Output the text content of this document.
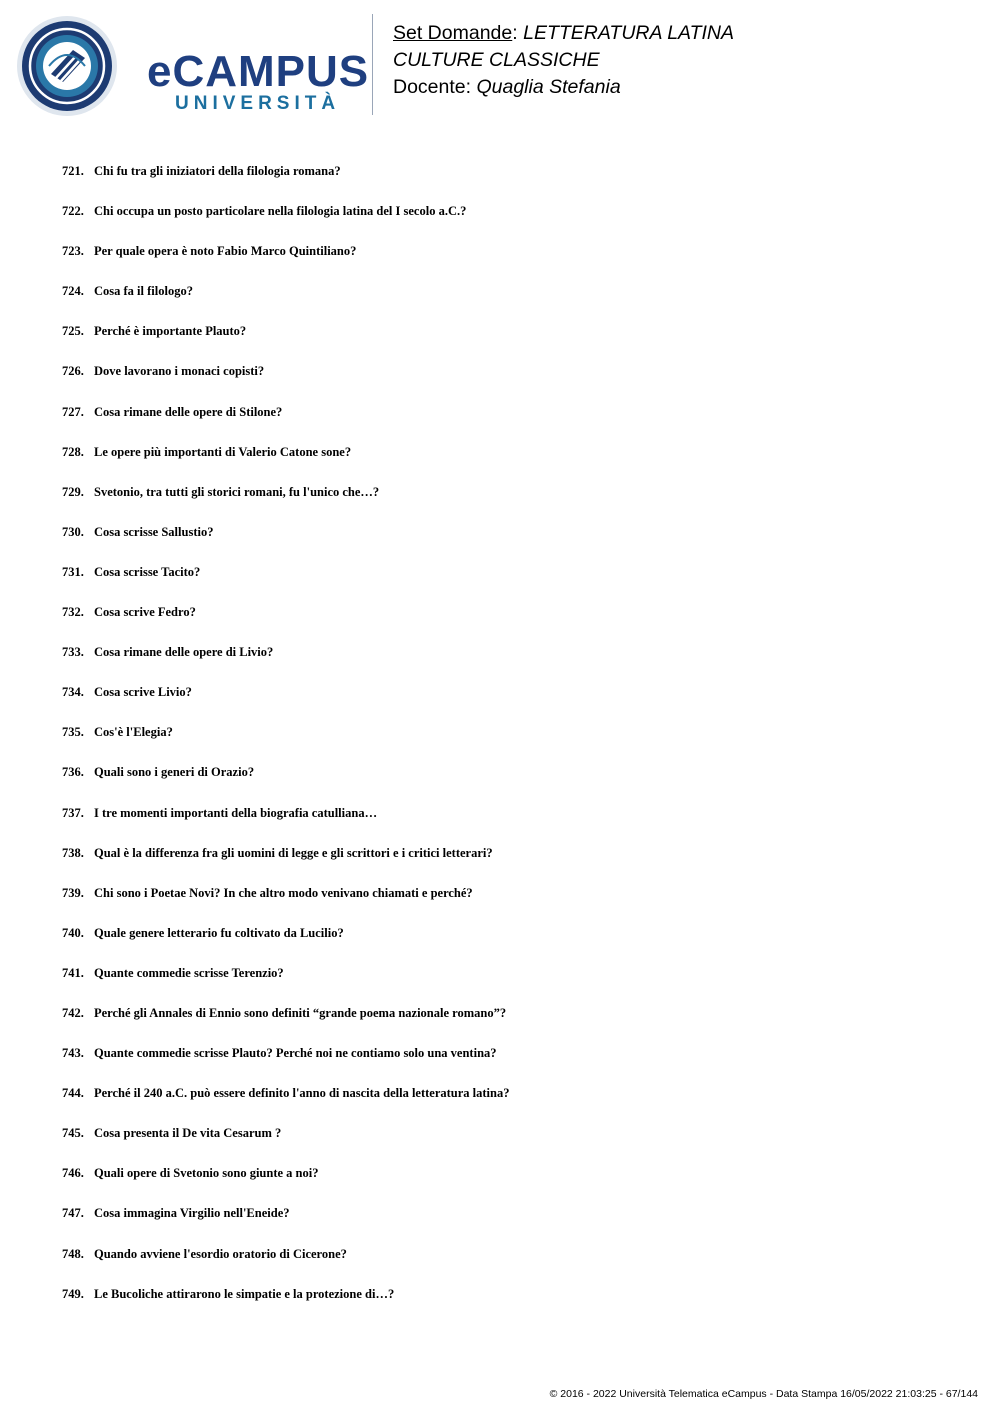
eCAMPUS
UNIVERSITÀ
Set Domande: LETTERATURA LATINA
CULTURE CLASSICHE
Docente: Quaglia Stefania
721. Chi fu tra gli iniziatori della filologia romana?
722. Chi occupa un posto particolare nella filologia latina del I secolo a.C.?
723. Per quale opera è noto Fabio Marco Quintiliano?
724. Cosa fa il filologo?
725. Perché è importante Plauto?
726. Dove lavorano i monaci copisti?
727. Cosa rimane delle opere di Stilone?
728. Le opere più importanti di Valerio Catone sone?
729. Svetonio, tra tutti gli storici romani, fu l'unico che…?
730. Cosa scrisse Sallustio?
731. Cosa scrisse Tacito?
732. Cosa scrive Fedro?
733. Cosa rimane delle opere di Livio?
734. Cosa scrive Livio?
735. Cos'è l'Elegia?
736. Quali sono i generi di Orazio?
737. I tre momenti importanti della biografia catulliana…
738. Qual è la differenza fra gli uomini di legge e gli scrittori e i critici letterari?
739. Chi sono i Poetae Novi? In che altro modo venivano chiamati e perché?
740. Quale genere letterario fu coltivato da Lucilio?
741. Quante commedie scrisse Terenzio?
742. Perché gli Annales di Ennio sono definiti “grande poema nazionale romano”?
743. Quante commedie scrisse Plauto? Perché noi ne contiamo solo una ventina?
744. Perché il 240 a.C. può essere definito l'anno di nascita della letteratura latina?
745. Cosa presenta il De vita Cesarum ?
746. Quali opere di Svetonio sono giunte a noi?
747. Cosa immagina Virgilio nell'Eneide?
748. Quando avviene l'esordio oratorio di Cicerone?
749. Le Bucoliche attirarono le simpatie e la protezione di…?
© 2016 - 2022 Università Telematica eCampus - Data Stampa 16/05/2022 21:03:25 - 67/144
